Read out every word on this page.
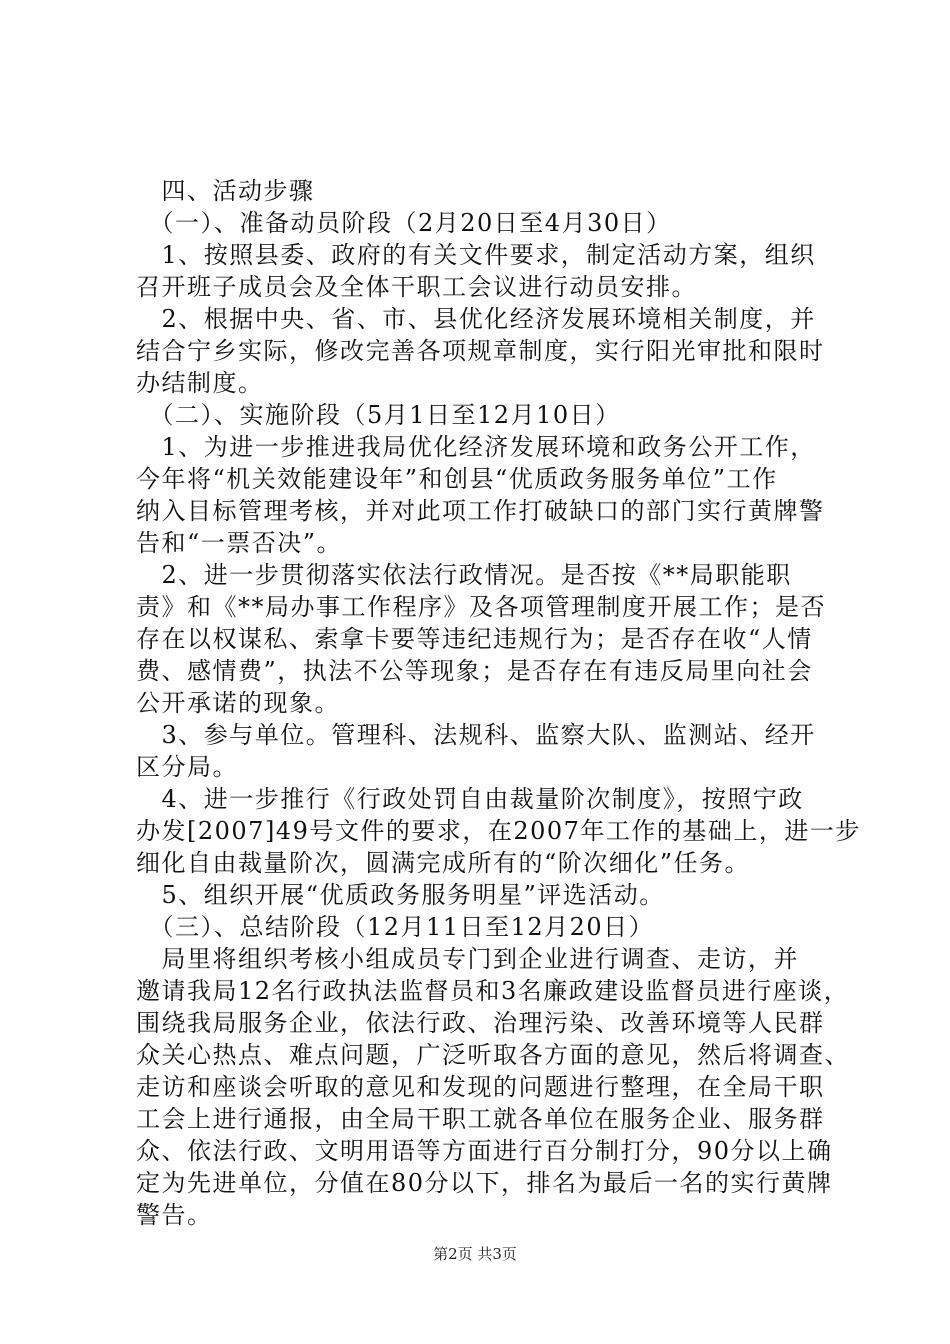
　四、活动步骤
　（一）、准备动员阶段（2月20日至4月30日）
　1、按照县委、政府的有关文件要求，制定活动方案，组织
召开班子成员会及全体干职工会议进行动员安排。
　2、根据中央、省、市、县优化经济发展环境相关制度，并
结合宁乡实际，修改完善各项规章制度，实行阳光审批和限时
办结制度。
　（二）、实施阶段（5月1日至12月10日）
　1、为进一步推进我局优化经济发展环境和政务公开工作，
今年将“机关效能建设年”和创县“优质政务服务单位”工作
纳入目标管理考核，并对此项工作打破缺口的部门实行黄牌警
告和“一票否决”。
　2、进一步贯彻落实依法行政情况。是否按《**局职能职
责》和《**局办事工作程序》及各项管理制度开展工作；是否
存在以权谋私、索拿卡要等违纪违规行为；是否存在收“人情
费、感情费”，执法不公等现象；是否存在有违反局里向社会
公开承诺的现象。
　3、参与单位。管理科、法规科、监察大队、监测站、经开
区分局。
　4、进一步推行《行政处罚自由裁量阶次制度》，按照宁政
办发[2007]49号文件的要求，在2007年工作的基础上，进一步
细化自由裁量阶次，圆满完成所有的“阶次细化”任务。
　5、组织开展“优质政务服务明星”评选活动。
　（三）、总结阶段（12月11日至12月20日）
　局里将组织考核小组成员专门到企业进行调查、走访，并
邀请我局12名行政执法监督员和3名廉政建设监督员进行座谈，
围绕我局服务企业，依法行政、治理污染、改善环境等人民群
众关心热点、难点问题，广泛听取各方面的意见，然后将调查、
走访和座谈会听取的意见和发现的问题进行整理，在全局干职
工会上进行通报，由全局干职工就各单位在服务企业、服务群
众、依法行政、文明用语等方面进行百分制打分，90分以上确
定为先进单位，分值在80分以下，排名为最后一名的实行黄牌
警告。
第2页 共3页
